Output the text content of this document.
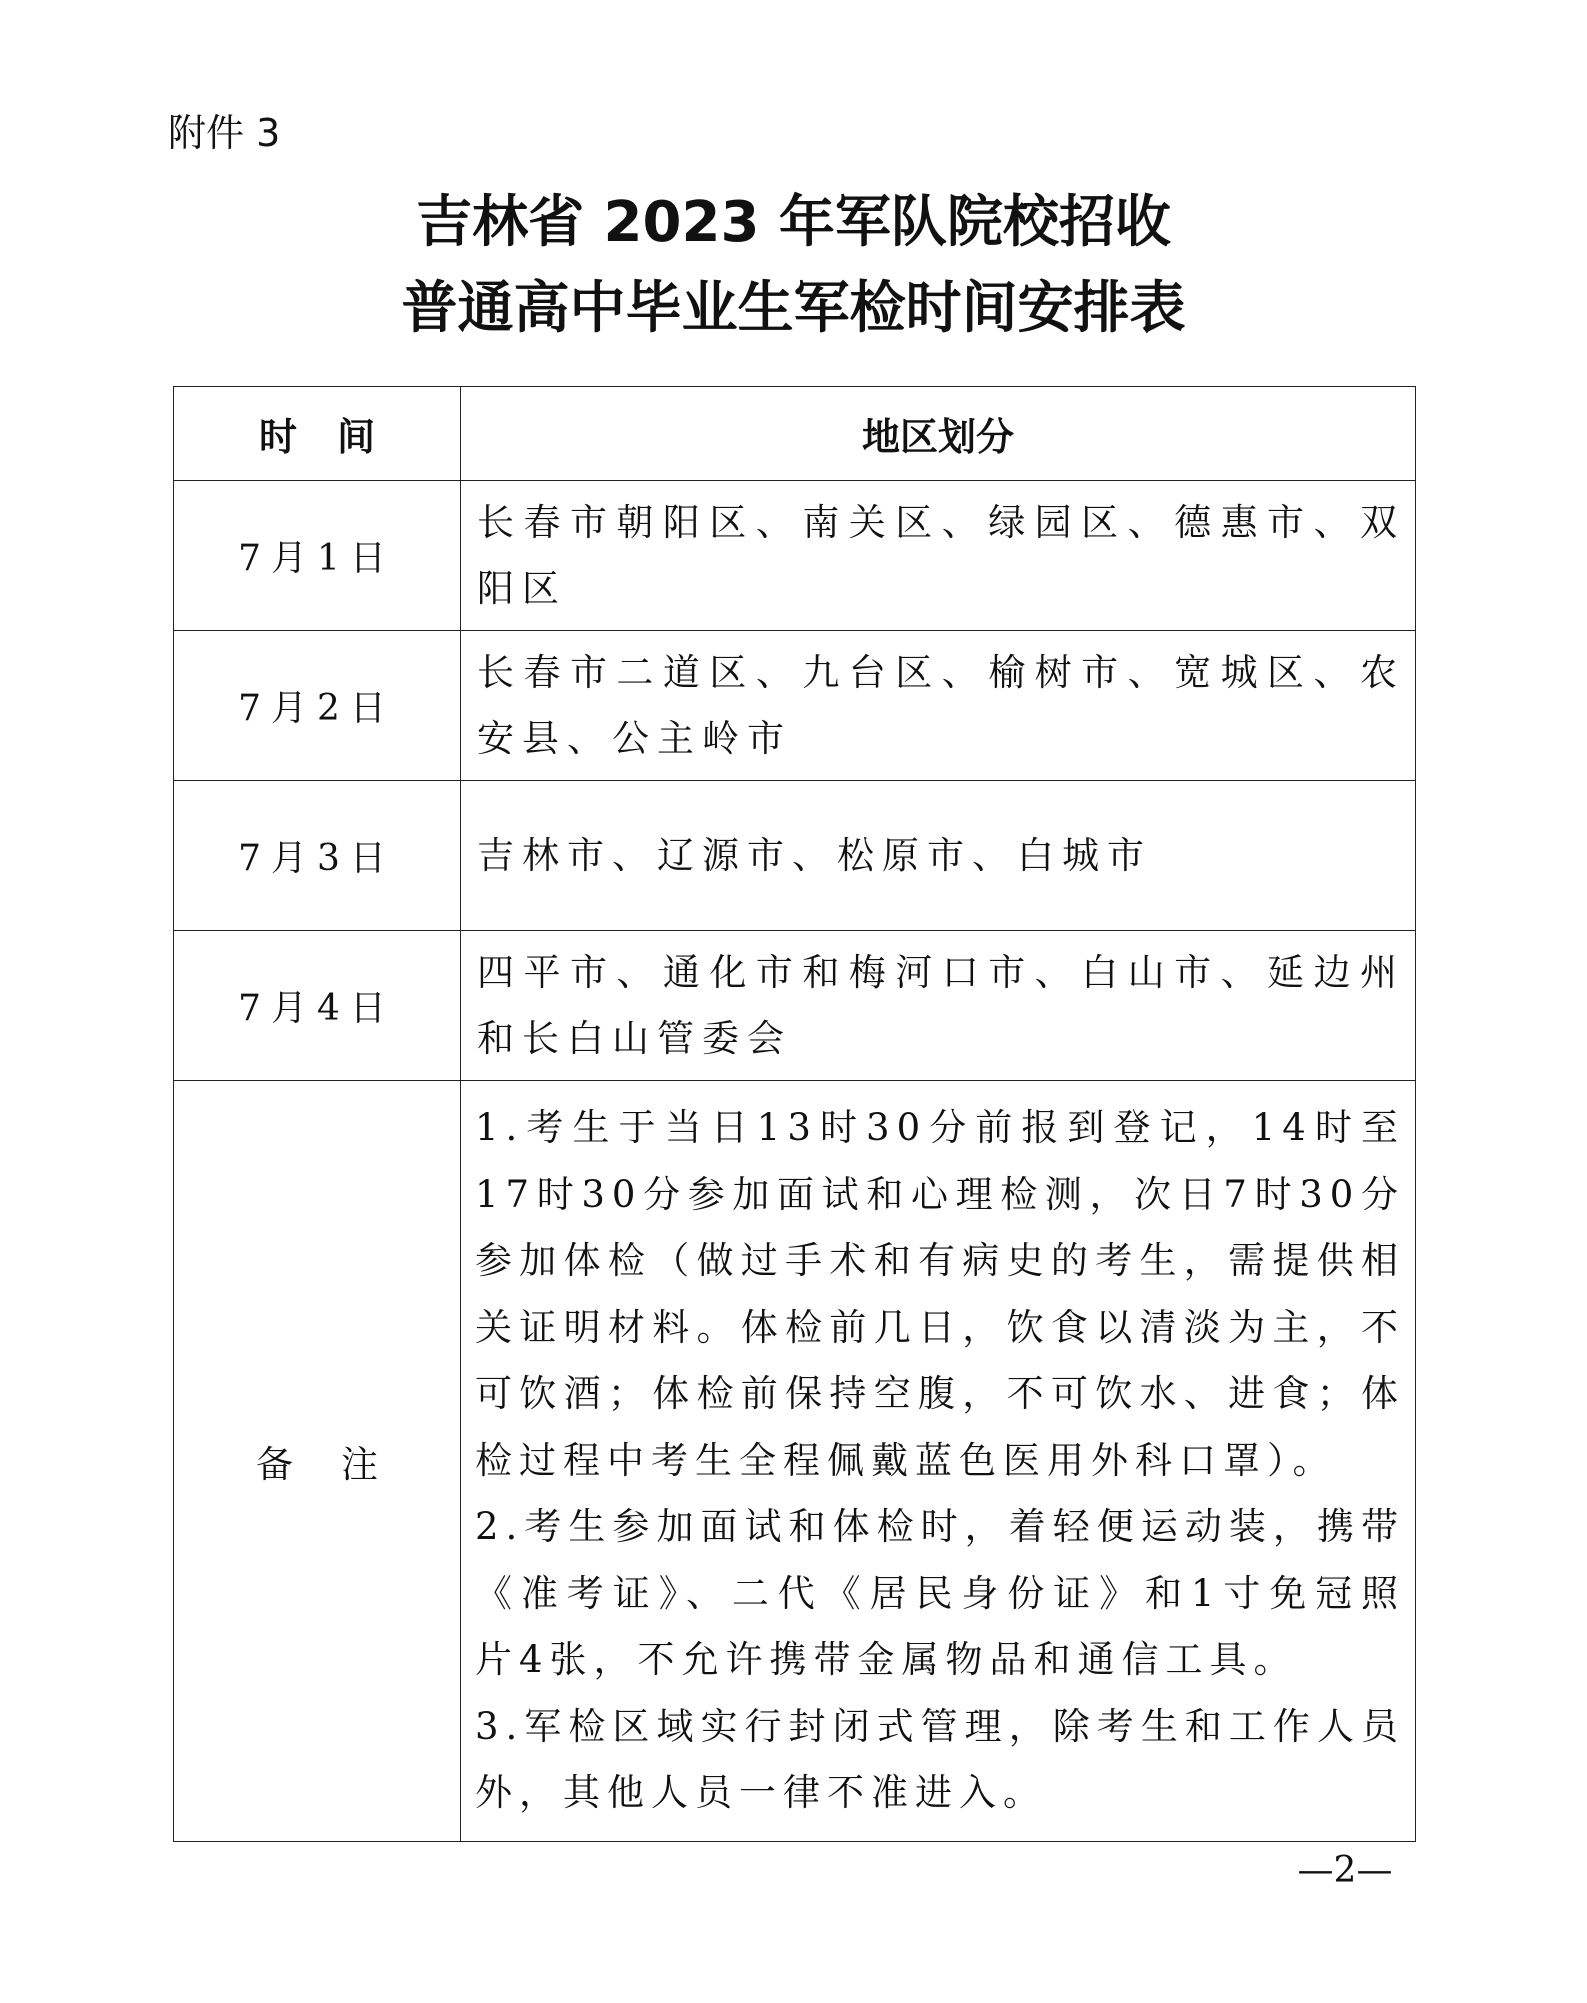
附件 3
吉林省 2023 年军队院校招收
普通高中毕业生军检时间安排表
时间	地区划分
7月1日	长春市朝阳区、南关区、绿园区、德惠市、双阳区
7月2日	长春市二道区、九台区、榆树市、宽城区、农安县、公主岭市
7月3日	吉林市、辽源市、松原市、白城市
7月4日	四平市、通化市和梅河口市、白山市、延边州和长白山管委会
备注	1.考生于当日13时30分前报到登记，14时至17时30分参加面试和心理检测，次日7时30分参加体检（做过手术和有病史的考生，需提供相关证明材料。体检前几日，饮食以清淡为主，不可饮酒；体检前保持空腹，不可饮水、进食；体检过程中考生全程佩戴蓝色医用外科口罩）。
2.考生参加面试和体检时，着轻便运动装，携带《准考证》、二代《居民身份证》和1寸免冠照片4张，不允许携带金属物品和通信工具。
3.军检区域实行封闭式管理，除考生和工作人员外，其他人员一律不准进入。
—2—
